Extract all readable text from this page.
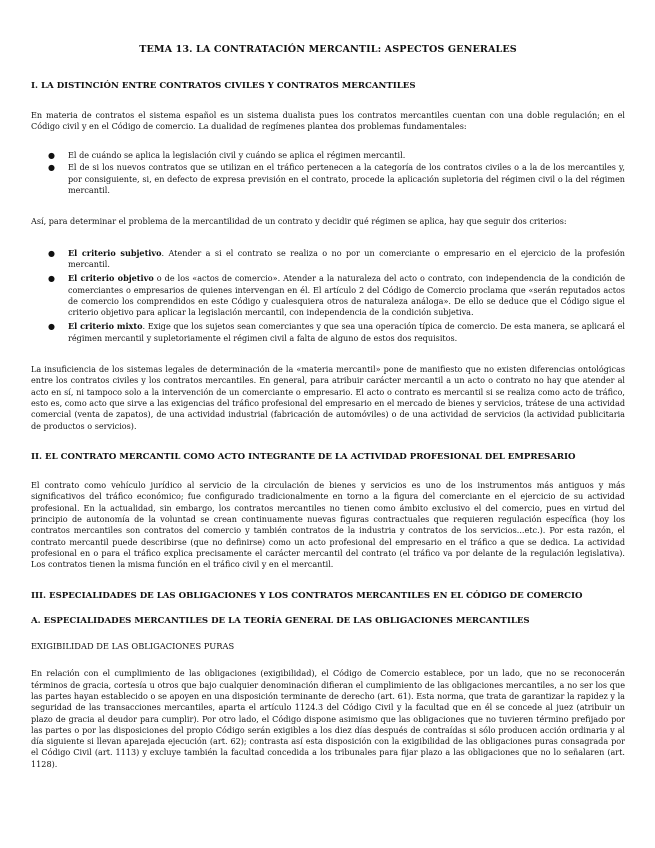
TEMA 13. LA CONTRATACIÓN MERCANTIL: ASPECTOS GENERALES
I. LA DISTINCIÓN ENTRE CONTRATOS CIVILES Y CONTRATOS MERCANTILES
En materia de contratos el sistema español es un sistema dualista pues los contratos mercantiles cuentan con una doble regulación; en el Código civil y en el Código de comercio. La dualidad de regímenes plantea dos problemas fundamentales:
● El de cuándo se aplica la legislación civil y cuándo se aplica el régimen mercantil.
● El de si los nuevos contratos que se utilizan en el tráfico pertenecen a la categoría de los contratos civiles o a la de los mercantiles y, por consiguiente, si, en defecto de expresa previsión en el contrato, procede la aplicación supletoria del régimen civil o la del régimen mercantil.
Así, para determinar el problema de la mercantilidad de un contrato y decidir qué régimen se aplica, hay que seguir dos criterios:
● El criterio subjetivo. Atender a si el contrato se realiza o no por un comerciante o empresario en el ejercicio de la profesión mercantil.
● El criterio objetivo o de los «actos de comercio». Atender a la naturaleza del acto o contrato, con independencia de la condición de comerciantes o empresarios de quienes intervengan en él. El artículo 2 del Código de Comercio proclama que «serán reputados actos de comercio los comprendidos en este Código y cualesquiera otros de naturaleza análoga». De ello se deduce que el Código sigue el criterio objetivo para aplicar la legislación mercantil, con independencia de la condición subjetiva.
● El criterio mixto. Exige que los sujetos sean comerciantes y que sea una operación típica de comercio. De esta manera, se aplicará el régimen mercantil y supletoriamente el régimen civil a falta de alguno de estos dos requisitos.
La insuficiencia de los sistemas legales de determinación de la «materia mercantil» pone de manifiesto que no existen diferencias ontológicas entre los contratos civiles y los contratos mercantiles. En general, para atribuir carácter mercantil a un acto o contrato no hay que atender al acto en sí, ni tampoco solo a la intervención de un comerciante o empresario. El acto o contrato es mercantil si se realiza como acto de tráfico, esto es, como acto que sirve a las exigencias del tráfico profesional del empresario en el mercado de bienes y servicios, trátese de una actividad comercial (venta de zapatos), de una actividad industrial (fabricación de automóviles) o de una actividad de servicios (la actividad publicitaria de productos o servicios).
II. EL CONTRATO MERCANTIL COMO ACTO INTEGRANTE DE LA ACTIVIDAD PROFESIONAL DEL EMPRESARIO
El contrato como vehículo jurídico al servicio de la circulación de bienes y servicios es uno de los instrumentos más antiguos y más significativos del tráfico económico; fue configurado tradicionalmente en torno a la figura del comerciante en el ejercicio de su actividad profesional. En la actualidad, sin embargo, los contratos mercantiles no tienen como ámbito exclusivo el del comercio, pues en virtud del principio de autonomía de la voluntad se crean continuamente nuevas figuras contractuales que requieren regulación específica (hoy los contratos mercantiles son contratos del comercio y también contratos de la industria y contratos de los servicios...etc.). Por esta razón, el contrato mercantil puede describirse (que no definirse) como un acto profesional del empresario en el tráfico a que se dedica. La actividad profesional en o para el tráfico explica precisamente el carácter mercantil del contrato (el tráfico va por delante de la regulación legislativa). Los contratos tienen la misma función en el tráfico civil y en el mercantil.
III. ESPECIALIDADES DE LAS OBLIGACIONES Y LOS CONTRATOS MERCANTILES EN EL CÓDIGO DE COMERCIO
A. ESPECIALIDADES MERCANTILES DE LA TEORÍA GENERAL DE LAS OBLIGACIONES MERCANTILES
EXIGIBILIDAD DE LAS OBLIGACIONES PURAS
En relación con el cumplimiento de las obligaciones (exigibilidad), el Código de Comercio establece, por un lado, que no se reconocerán términos de gracia, cortesía u otros que bajo cualquier denominación difieran el cumplimiento de las obligaciones mercantiles, a no ser los que las partes hayan establecido o se apoyen en una disposición terminante de derecho (art. 61). Esta norma, que trata de garantizar la rapidez y la seguridad de las transacciones mercantiles, aparta el artículo 1124.3 del Código Civil y la facultad que en él se concede al juez (atribuir un plazo de gracia al deudor para cumplir). Por otro lado, el Código dispone asimismo que las obligaciones que no tuvieren término prefijado por las partes o por las disposiciones del propio Código serán exigibles a los diez días después de contraídas si sólo producen acción ordinaria y al día siguiente si llevan aparejada ejecución (art. 62); contrasta así esta disposición con la exigibilidad de las obligaciones puras consagrada por el Código Civil (art. 1113) y excluye también la facultad concedida a los tribunales para fijar plazo a las obligaciones que no lo señalaren (art. 1128).
